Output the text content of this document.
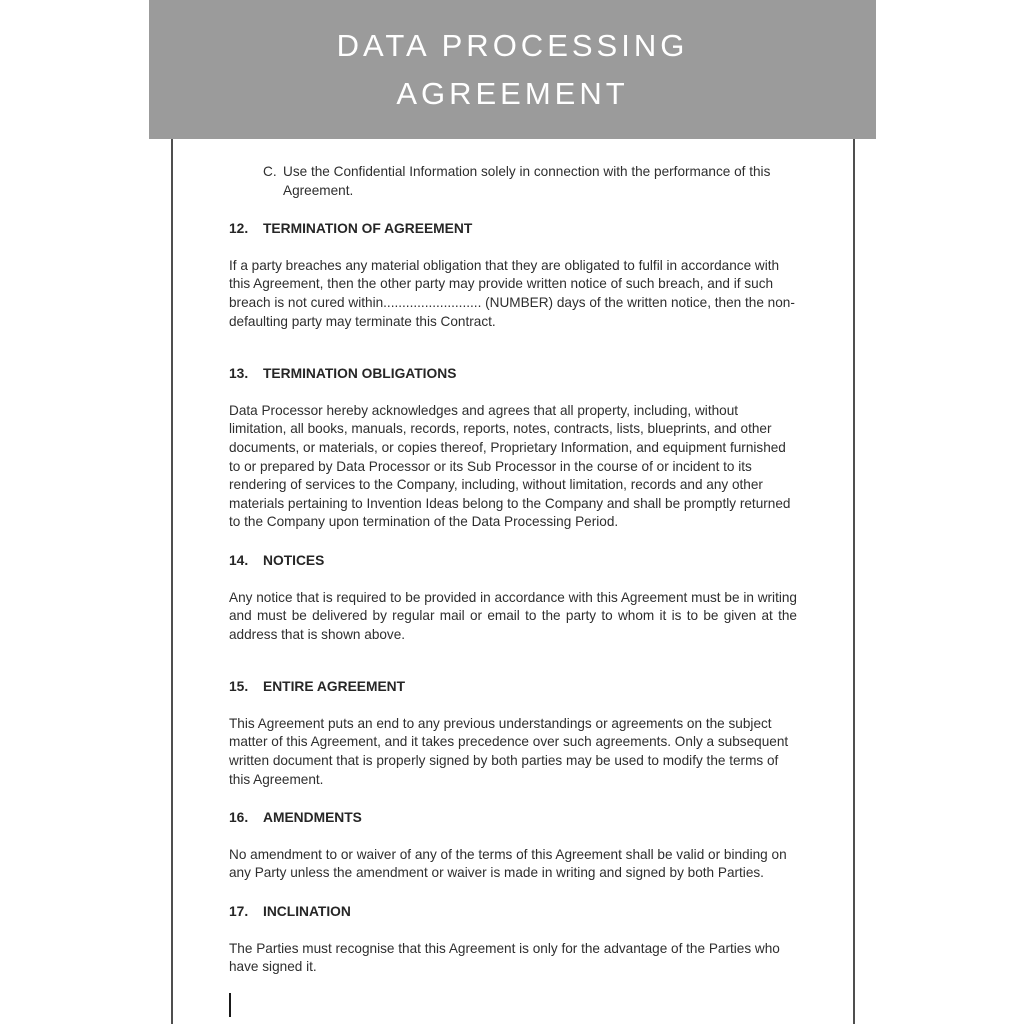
DATA PROCESSING
AGREEMENT
C. Use the Confidential Information solely in connection with the performance of this Agreement.
12.	TERMINATION OF AGREEMENT

If a party breaches any material obligation that they are obligated to fulfil in accordance with this Agreement, then the other party may provide written notice of such breach, and if such breach is not cured within.......................... (NUMBER) days of the written notice, then the non-defaulting party may terminate this Contract.

13.	TERMINATION OBLIGATIONS

Data Processor hereby acknowledges and agrees that all property, including, without limitation, all books, manuals, records, reports, notes, contracts, lists, blueprints, and other documents, or materials, or copies thereof, Proprietary Information, and equipment furnished to or prepared by Data Processor or its Sub Processor in the course of or incident to its rendering of services to the Company, including, without limitation, records and any other materials pertaining to Invention Ideas belong to the Company and shall be promptly returned to the Company upon termination of the Data Processing Period.

14.	NOTICES

Any notice that is required to be provided in accordance with this Agreement must be in writing and must be delivered by regular mail or email to the party to whom it is to be given at the address that is shown above.

15.	ENTIRE AGREEMENT

This Agreement puts an end to any previous understandings or agreements on the subject matter of this Agreement, and it takes precedence over such agreements. Only a subsequent written document that is properly signed by both parties may be used to modify the terms of this Agreement.

16.	AMENDMENTS

No amendment to or waiver of any of the terms of this Agreement shall be valid or binding on any Party unless the amendment or waiver is made in writing and signed by both Parties.

17.	INCLINATION

The Parties must recognise that this Agreement is only for the advantage of the Parties who have signed it.
